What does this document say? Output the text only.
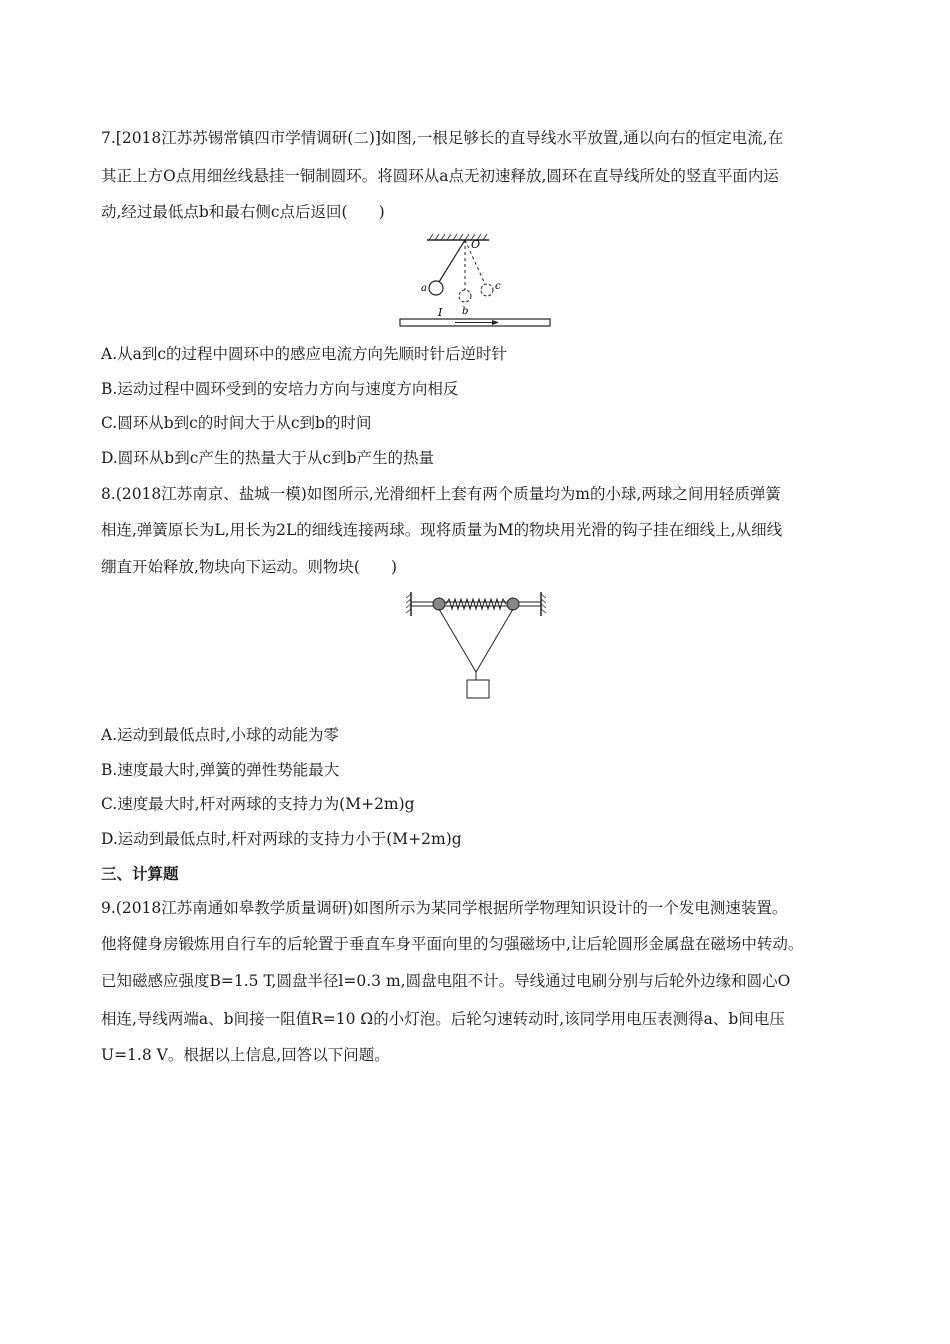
7.[2018江苏苏锡常镇四市学情调研(二)]如图,一根足够长的直导线水平放置,通以向右的恒定电流,在
其正上方O点用细丝线悬挂一铜制圆环。将圆环从a点无初速释放,圆环在直导线所处的竖直平面内运
动,经过最低点b和最右侧c点后返回(　　)
O
a
b
c
I
A.从a到c的过程中圆环中的感应电流方向先顺时针后逆时针
B.运动过程中圆环受到的安培力方向与速度方向相反
C.圆环从b到c的时间大于从c到b的时间
D.圆环从b到c产生的热量大于从c到b产生的热量
8.(2018江苏南京、盐城一模)如图所示,光滑细杆上套有两个质量均为m的小球,两球之间用轻质弹簧
相连,弹簧原长为L,用长为2L的细线连接两球。现将质量为M的物块用光滑的钩子挂在细线上,从细线
绷直开始释放,物块向下运动。则物块(　　)
A.运动到最低点时,小球的动能为零
B.速度最大时,弹簧的弹性势能最大
C.速度最大时,杆对两球的支持力为(M+2m)g
D.运动到最低点时,杆对两球的支持力小于(M+2m)g
三、计算题
9.(2018江苏南通如皋教学质量调研)如图所示为某同学根据所学物理知识设计的一个发电测速装置。
他将健身房锻炼用自行车的后轮置于垂直车身平面向里的匀强磁场中,让后轮圆形金属盘在磁场中转动。
已知磁感应强度B=1.5 T,圆盘半径l=0.3 m,圆盘电阻不计。导线通过电刷分别与后轮外边缘和圆心O
相连,导线两端a、b间接一阻值R=10 Ω的小灯泡。后轮匀速转动时,该同学用电压表测得a、b间电压
U=1.8 V。根据以上信息,回答以下问题。
